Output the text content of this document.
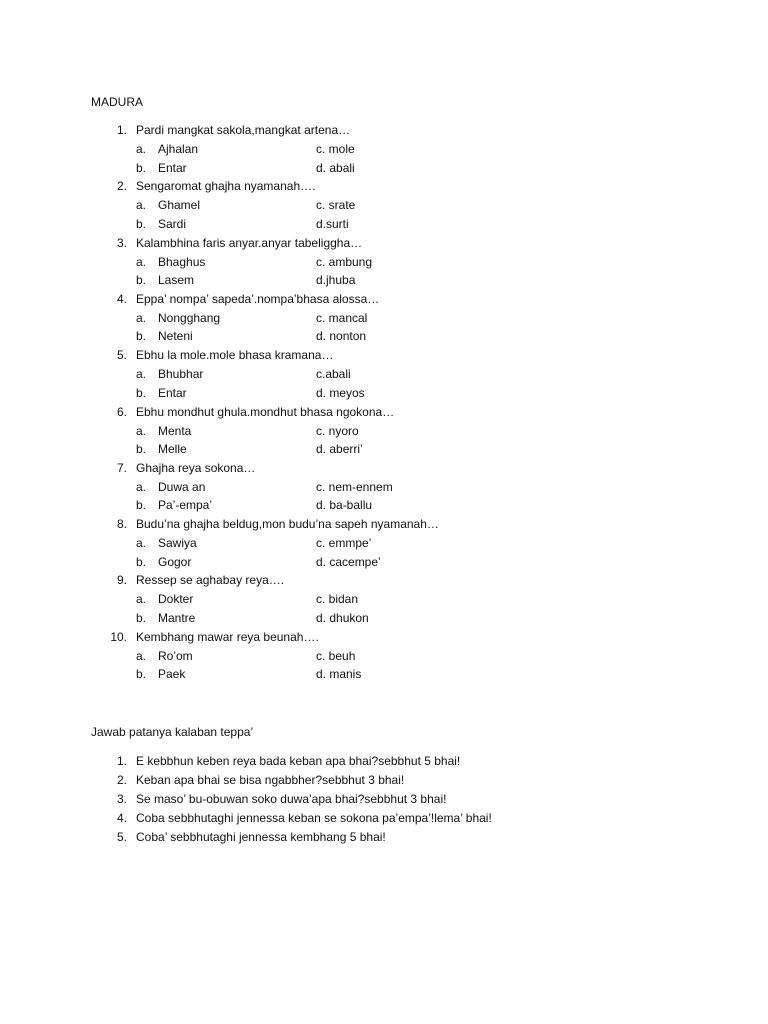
MADURA
1. Pardi mangkat sakola,mangkat artena…
a. Ajhalan	c. mole
b. Entar	d. abali
2. Sengaromat ghajha nyamanah….
a. Ghamel	c. srate
b. Sardi	d.surti
3. Kalambhina faris anyar.anyar tabeliggha…
a. Bhaghus	c. ambung
b. Lasem	d.jhuba
4. Eppa’ nompa’ sapeda’.nompa’bhasa alossa…
a. Nongghang	c. mancal
b. Neteni	d. nonton
5. Ebhu la mole.mole bhasa kramana…
a. Bhubhar	c.abali
b. Entar	d. meyos
6. Ebhu mondhut ghula.mondhut bhasa ngokona…
a. Menta	c. nyoro
b. Melle	d. aberri’
7. Ghajha reya sokona…
a. Duwa an	c. nem-ennem
b. Pa’-empa’	d. ba-ballu
8. Budu’na ghajha beldug,mon budu’na sapeh nyamanah…
a. Sawiya	c. emmpe’
b. Gogor	d. cacempe’
9. Ressep se aghabay reya….
a. Dokter	c. bidan
b. Mantre	d. dhukon
10. Kembhang mawar reya beunah….
a. Ro’om	c. beuh
b. Paek	d. manis
Jawab patanya kalaban teppa’
1. E kebbhun keben reya bada keban apa bhai?sebbhut 5 bhai!
2. Keban apa bhai se bisa ngabbher?sebbhut 3 bhai!
3. Se maso’ bu-obuwan soko duwa’apa bhai?sebbhut 3 bhai!
4. Coba sebbhutaghi jennessa keban se sokona pa’empa’!lema’ bhai!
5. Coba’ sebbhutaghi jennessa kembhang 5 bhai!
